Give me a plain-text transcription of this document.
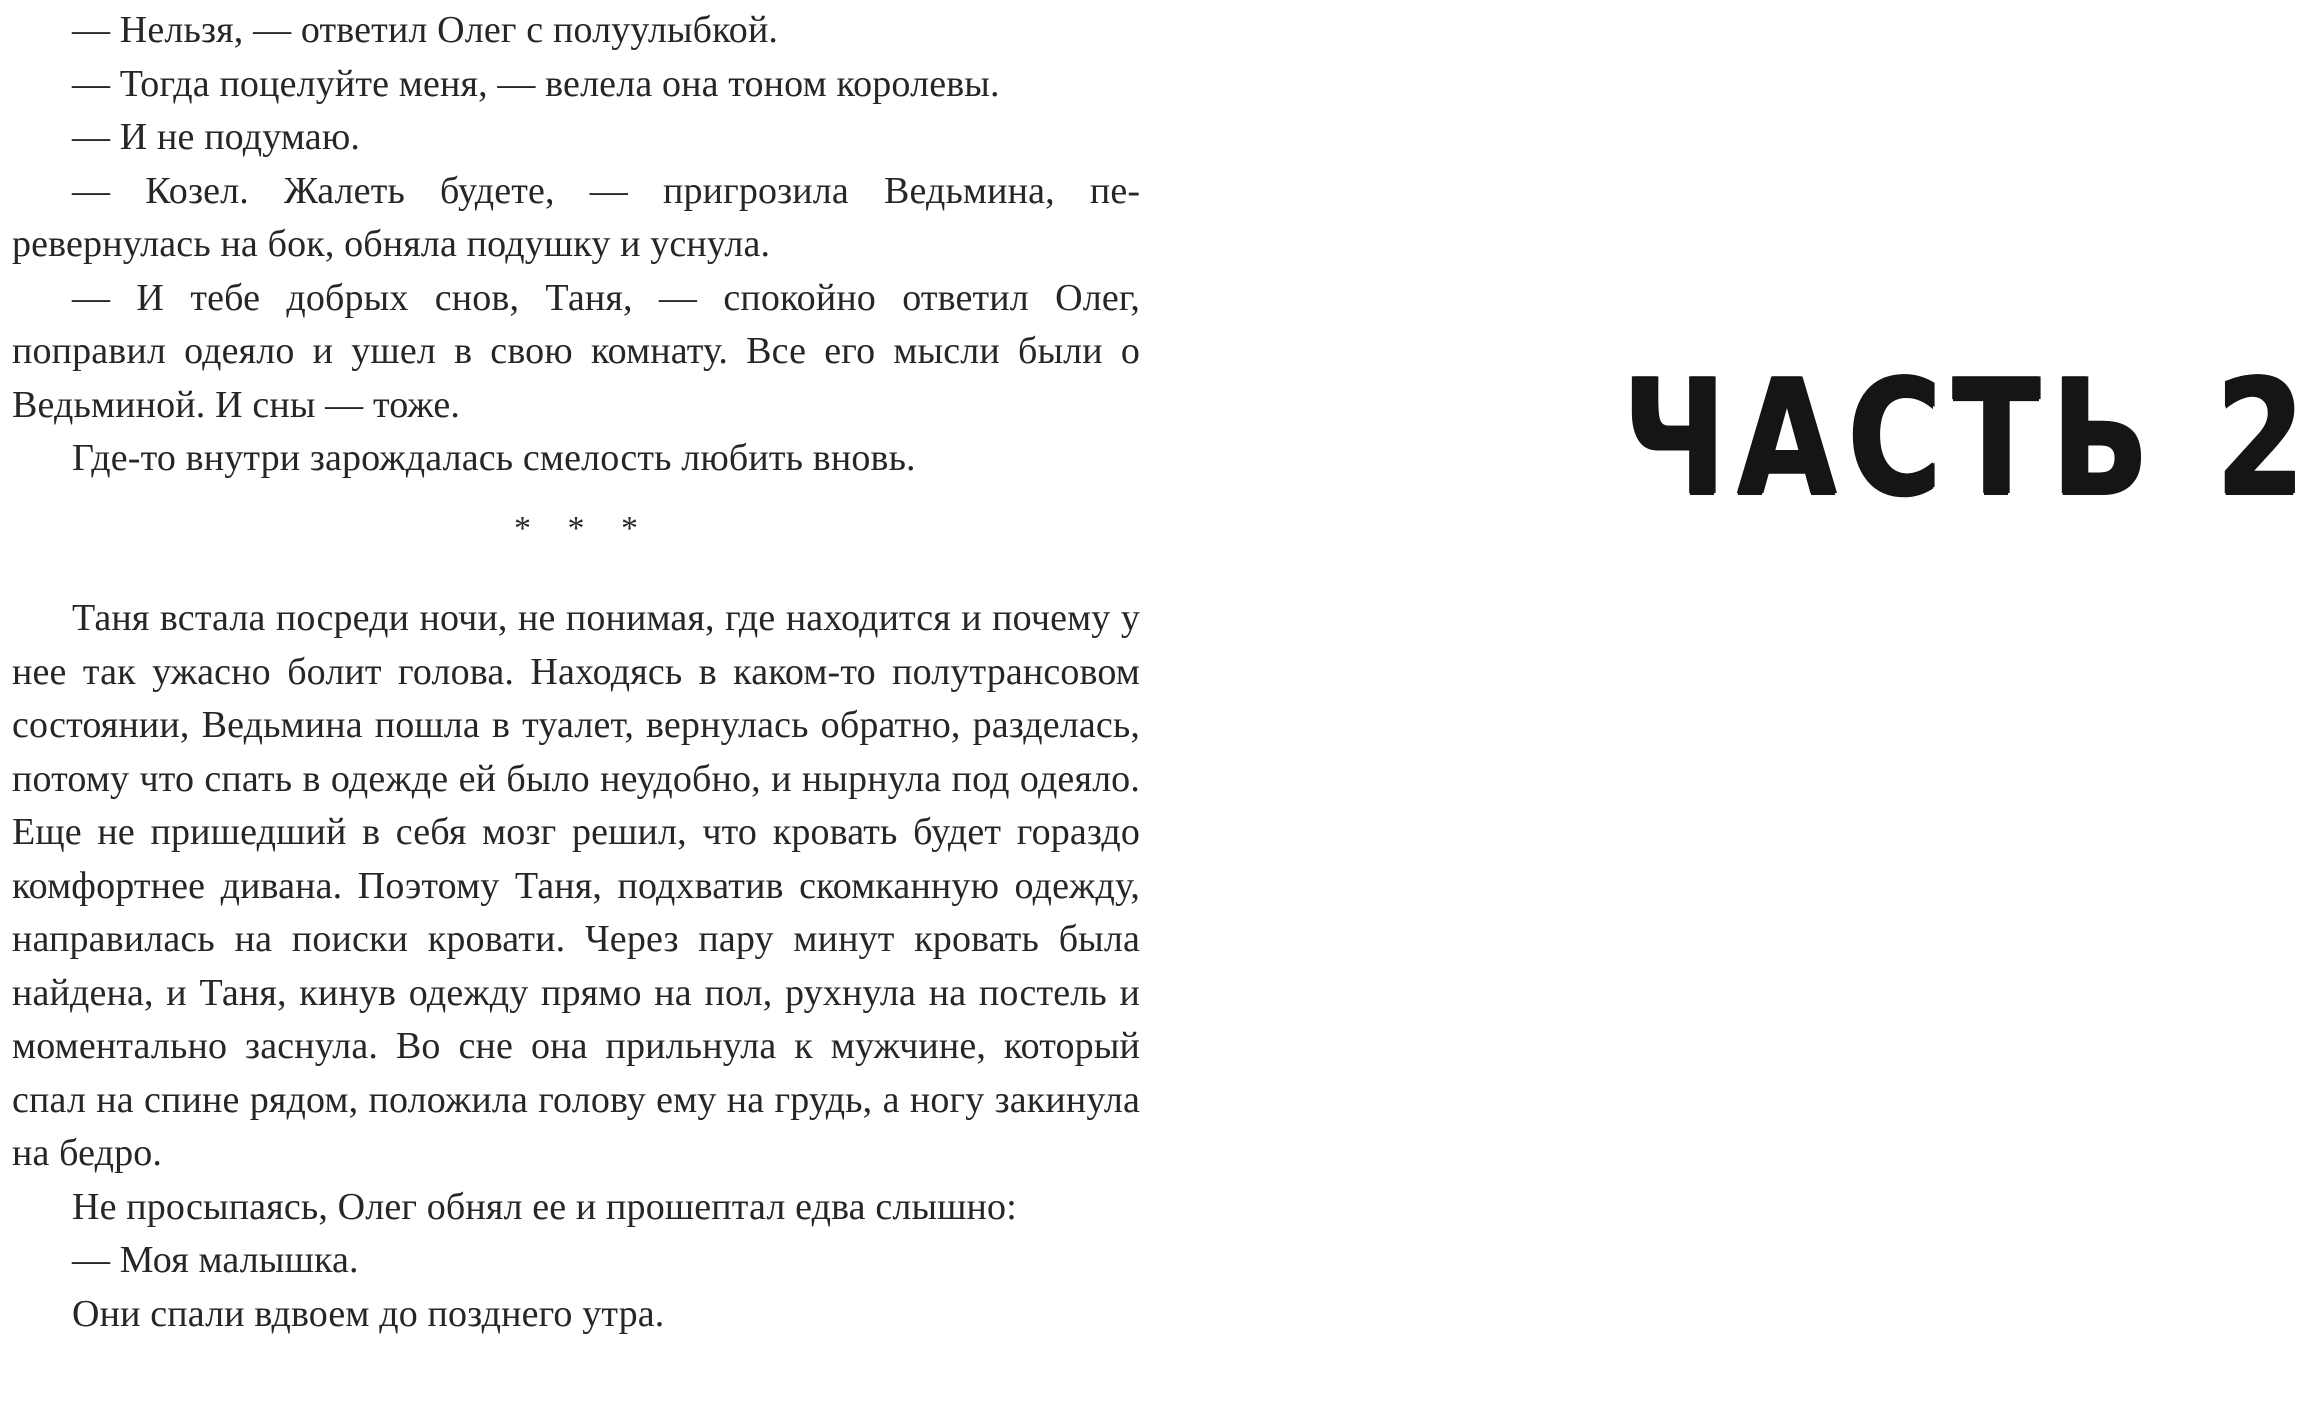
— Нельзя, — ответил Олег с полуулыбкой.

— Тогда поцелуйте меня, — велела она тоном королевы.

— И не подумаю.

— Козел. Жалеть будете, — пригрозила Ведьмина, перевернулась на бок, обняла подушку и уснула.

— И тебе добрых снов, Таня, — спокойно ответил Олег, поправил одеяло и ушел в свою комнату. Все его мысли были о Ведьминой. И сны — тоже.

Где-то внутри зарождалась смелость любить вновь.

* * *

Таня встала посреди ночи, не понимая, где находится и почему у нее так ужасно болит голова. Находясь в каком-то полутрансовом состоянии, Ведьмина пошла в туалет, вернулась обратно, разделась, потому что спать в одежде ей было неудобно, и нырнула под одеяло. Еще не пришедший в себя мозг решил, что кровать будет гораздо комфортнее дивана. Поэтому Таня, подхватив скомканную одежду, направилась на поиски кровати. Через пару минут кровать была найдена, и Таня, кинув одежду прямо на пол, рухнула на постель и моментально заснула. Во сне она прильнула к мужчине, который спал на спине рядом, положила голову ему на грудь, а ногу закинула на бедро.

Не просыпаясь, Олег обнял ее и прошептал едва слышно:

— Моя малышка.

Они спали вдвоем до позднего утра.

ЧАСТЬ 2
